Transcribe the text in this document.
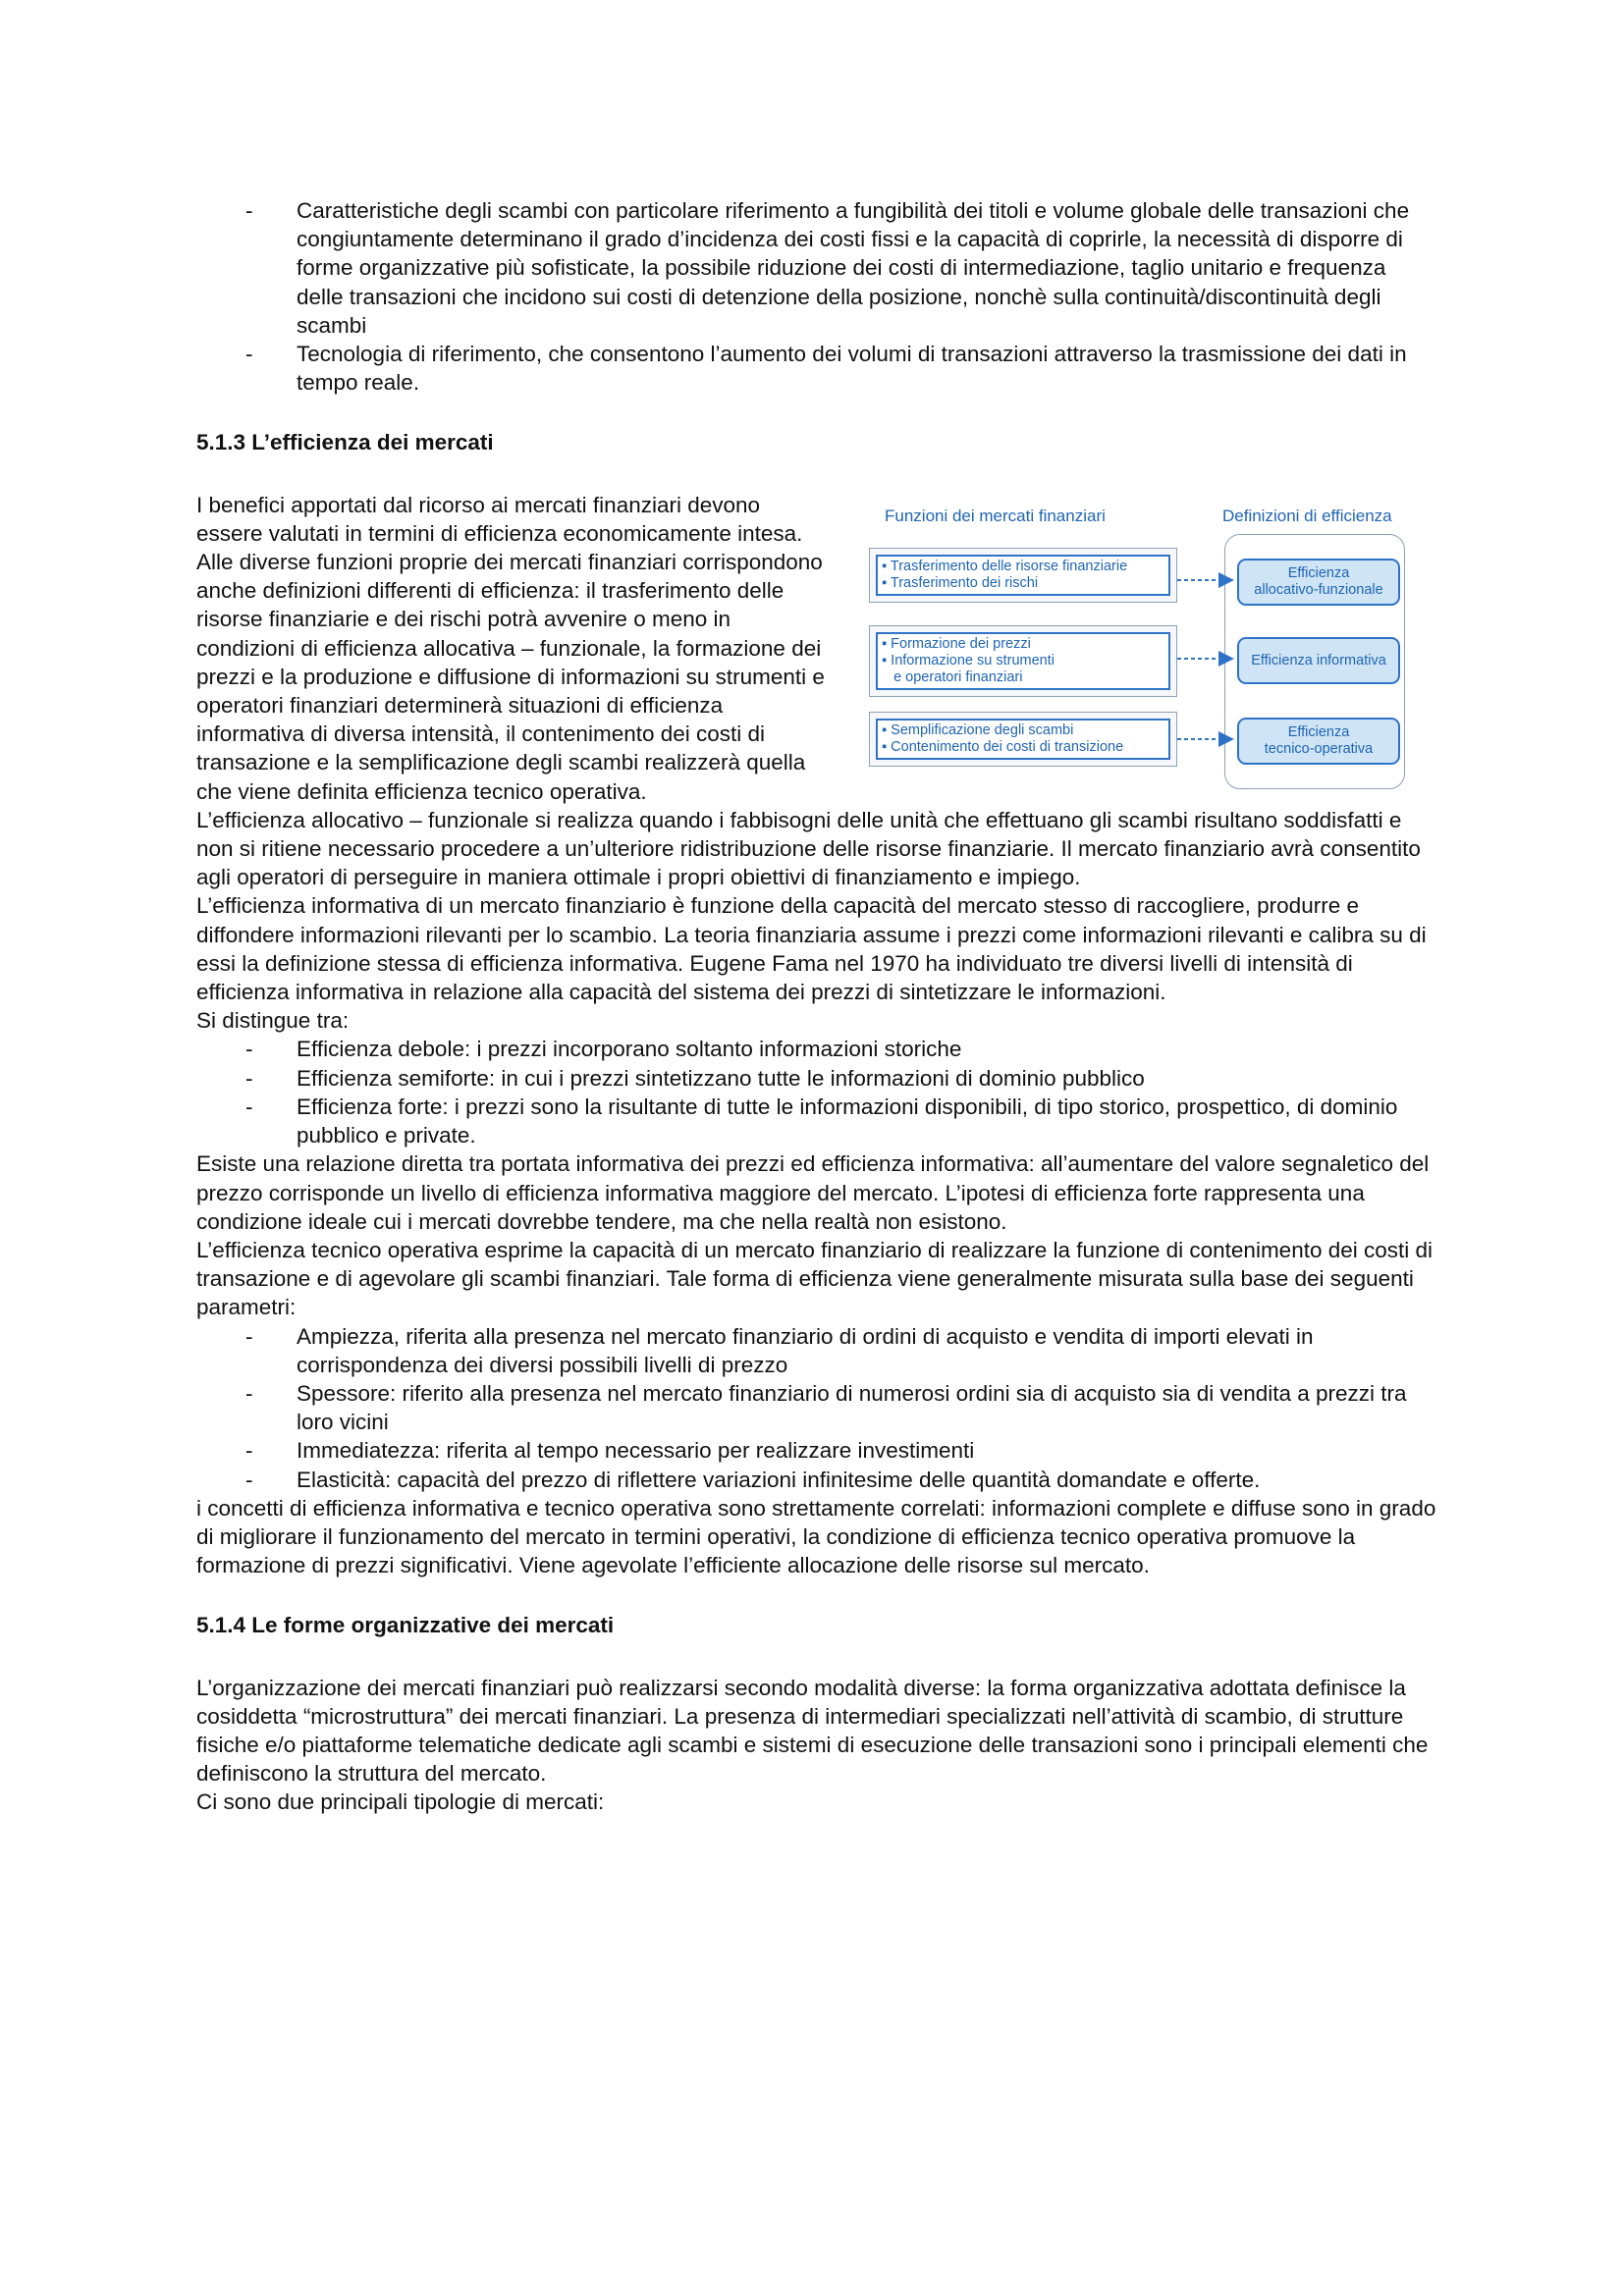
-	Caratteristiche degli scambi con particolare riferimento a fungibilità dei titoli e volume globale delle transazioni che congiuntamente determinano il grado d’incidenza dei costi fissi e la capacità di coprirle, la necessità di disporre di forme organizzative più sofisticate, la possibile riduzione dei costi di intermediazione, taglio unitario e frequenza delle transazioni che incidono sui costi di detenzione della posizione, nonchè sulla continuità/discontinuità degli scambi
-	Tecnologia di riferimento, che consentono l’aumento dei volumi di transazioni attraverso la trasmissione dei dati in tempo reale.
5.1.3 L’efficienza dei mercati

I benefici apportati dal ricorso ai mercati finanziari devono essere valutati in termini di efficienza economicamente intesa. Alle diverse funzioni proprie dei mercati finanziari corrispondono anche definizioni differenti di efficienza: il trasferimento delle risorse finanziarie e dei rischi potrà avvenire o meno in condizioni di efficienza allocativa – funzionale, la formazione dei prezzi e la produzione e diffusione di informazioni su strumenti e operatori finanziari determinerà situazioni di efficienza informativa di diversa intensità, il contenimento dei costi di transazione e la semplificazione degli scambi realizzerà quella che viene definita efficienza tecnico operativa.

L’efficienza allocativo – funzionale si realizza quando i fabbisogni delle unità che effettuano gli scambi risultano soddisfatti e non si ritiene necessario procedere a un’ulteriore ridistribuzione delle risorse finanziarie. Il mercato finanziario avrà consentito agli operatori di perseguire in maniera ottimale i propri obiettivi di finanziamento e impiego.

L’efficienza informativa di un mercato finanziario è funzione della capacità del mercato stesso di raccogliere, produrre e diffondere informazioni rilevanti per lo scambio. La teoria finanziaria assume i prezzi come informazioni rilevanti e calibra su di essi la definizione stessa di efficienza informativa. Eugene Fama nel 1970 ha individuato tre diversi livelli di intensità di efficienza informativa in relazione alla capacità del sistema dei prezzi di sintetizzare le informazioni.

Si distingue tra:

-	Efficienza debole: i prezzi incorporano soltanto informazioni storiche
-	Efficienza semiforte: in cui i prezzi sintetizzano tutte le informazioni di dominio pubblico
-	Efficienza forte: i prezzi sono la risultante di tutte le informazioni disponibili, di tipo storico, prospettico, di dominio pubblico e private.

Esiste una relazione diretta tra portata informativa dei prezzi ed efficienza informativa: all’aumentare del valore segnaletico del prezzo corrisponde un livello di efficienza informativa maggiore del mercato. L’ipotesi di efficienza forte rappresenta una condizione ideale cui i mercati dovrebbe tendere, ma che nella realtà non esistono.

L’efficienza tecnico operativa esprime la capacità di un mercato finanziario di realizzare la funzione di contenimento dei costi di transazione e di agevolare gli scambi finanziari. Tale forma di efficienza viene generalmente misurata sulla base dei seguenti parametri:

-	Ampiezza, riferita alla presenza nel mercato finanziario di ordini di acquisto e vendita di importi elevati in corrispondenza dei diversi possibili livelli di prezzo
-	Spessore: riferito alla presenza nel mercato finanziario di numerosi ordini sia di acquisto sia di vendita a prezzi tra loro vicini
-	Immediatezza: riferita al tempo necessario per realizzare investimenti
-	Elasticità: capacità del prezzo di riflettere variazioni infinitesime delle quantità domandate e offerte.

i concetti di efficienza informativa e tecnico operativa sono strettamente correlati: informazioni complete e diffuse sono in grado di migliorare il funzionamento del mercato in termini operativi, la condizione di efficienza tecnico operativa promuove la formazione di prezzi significativi. Viene agevolate l’efficiente allocazione delle risorse sul mercato.

5.1.4 Le forme organizzative dei mercati

L’organizzazione dei mercati finanziari può realizzarsi secondo modalità diverse: la forma organizzativa adottata definisce la cosiddetta “microstruttura” dei mercati finanziari. La presenza di intermediari specializzati nell’attività di scambio, di strutture fisiche e/o piattaforme telematiche dedicate agli scambi e sistemi di esecuzione delle transazioni sono i principali elementi che definiscono la struttura del mercato.

Ci sono due principali tipologie di mercati:

Funzioni dei mercati finanziari	Definizioni di efficienza
▪ Trasferimento delle risorse finanziarie
▪ Trasferimento dei rischi
▪ Formazione dei prezzi
▪ Informazione su strumenti
e operatori finanziari
▪ Semplificazione degli scambi
▪ Contenimento dei costi di transizione
Efficienza
allocativo-funzionale
Efficienza informativa
Efficienza
tecnico-operativa
